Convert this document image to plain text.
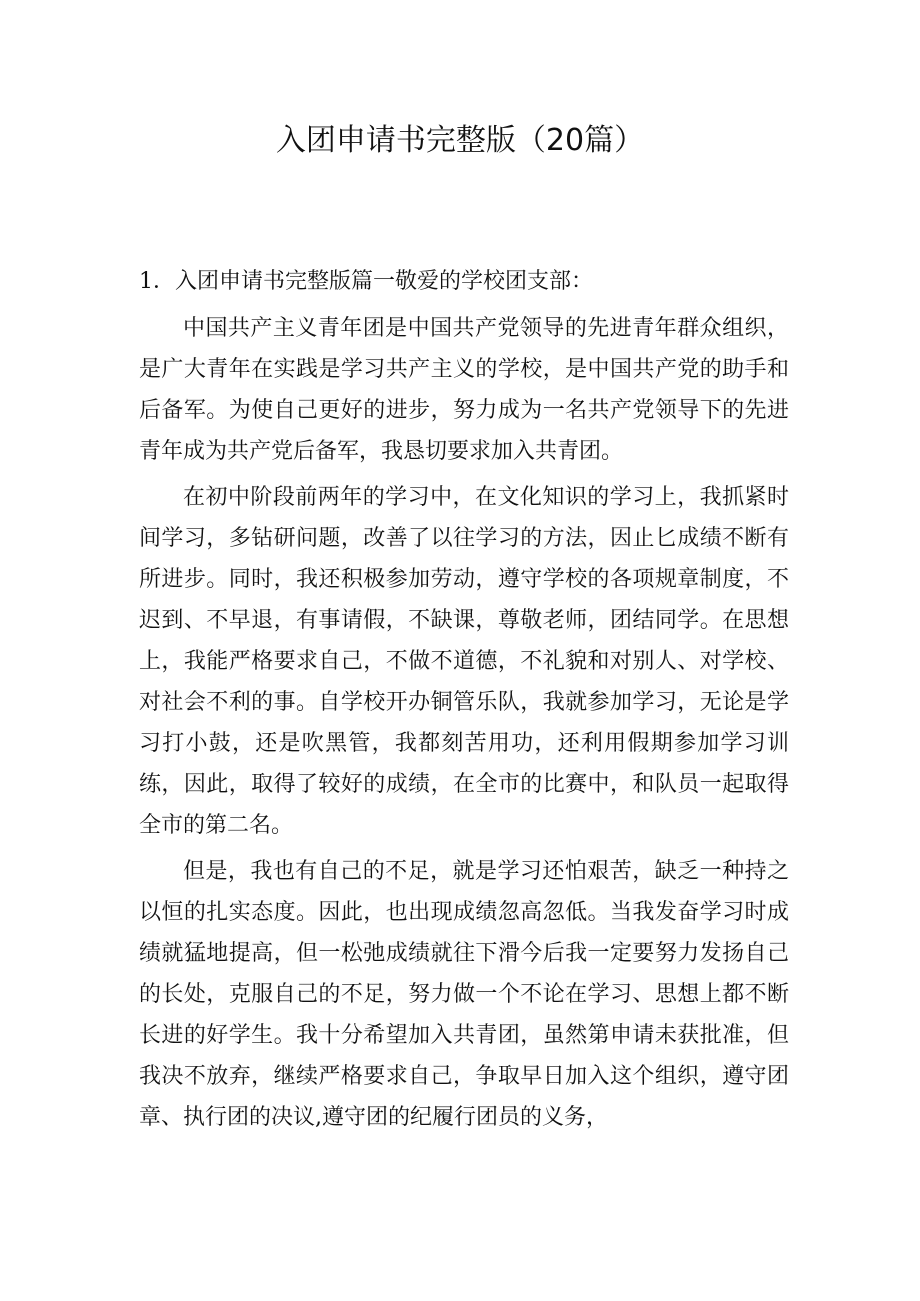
入团申请书完整版（20篇）

1．入团申请书完整版篇一敬爱的学校团支部：

中国共产主义青年团是中国共产党领导的先进青年群众组织，是广大青年在实践是学习共产主义的学校，是中国共产党的助手和后备军。为使自己更好的进步，努力成为一名共产党领导下的先进青年成为共产党后备军，我恳切要求加入共青团。

在初中阶段前两年的学习中，在文化知识的学习上，我抓紧时间学习，多钻研问题，改善了以往学习的方法，因止匕成绩不断有所进步。同时，我还积极参加劳动，遵守学校的各项规章制度，不迟到、不早退，有事请假，不缺课，尊敬老师，团结同学。在思想上，我能严格要求自己，不做不道德，不礼貌和对别人、对学校、对社会不利的事。自学校开办铜管乐队，我就参加学习，无论是学习打小鼓，还是吹黑管，我都刻苦用功，还利用假期参加学习训练，因此，取得了较好的成绩，在全市的比赛中，和队员一起取得全市的第二名。

但是，我也有自己的不足，就是学习还怕艰苦，缺乏一种持之以恒的扎实态度。因此，也出现成绩忽高忽低。当我发奋学习时成绩就猛地提高，但一松弛成绩就往下滑今后我一定要努力发扬自己的长处，克服自己的不足，努力做一个不论在学习、思想上都不断长进的好学生。我十分希望加入共青团，虽然第申请未获批准，但我决不放弃，继续严格要求自己，争取早日加入这个组织，遵守团章、执行团的决议,遵守团的纪履行团员的义务，
